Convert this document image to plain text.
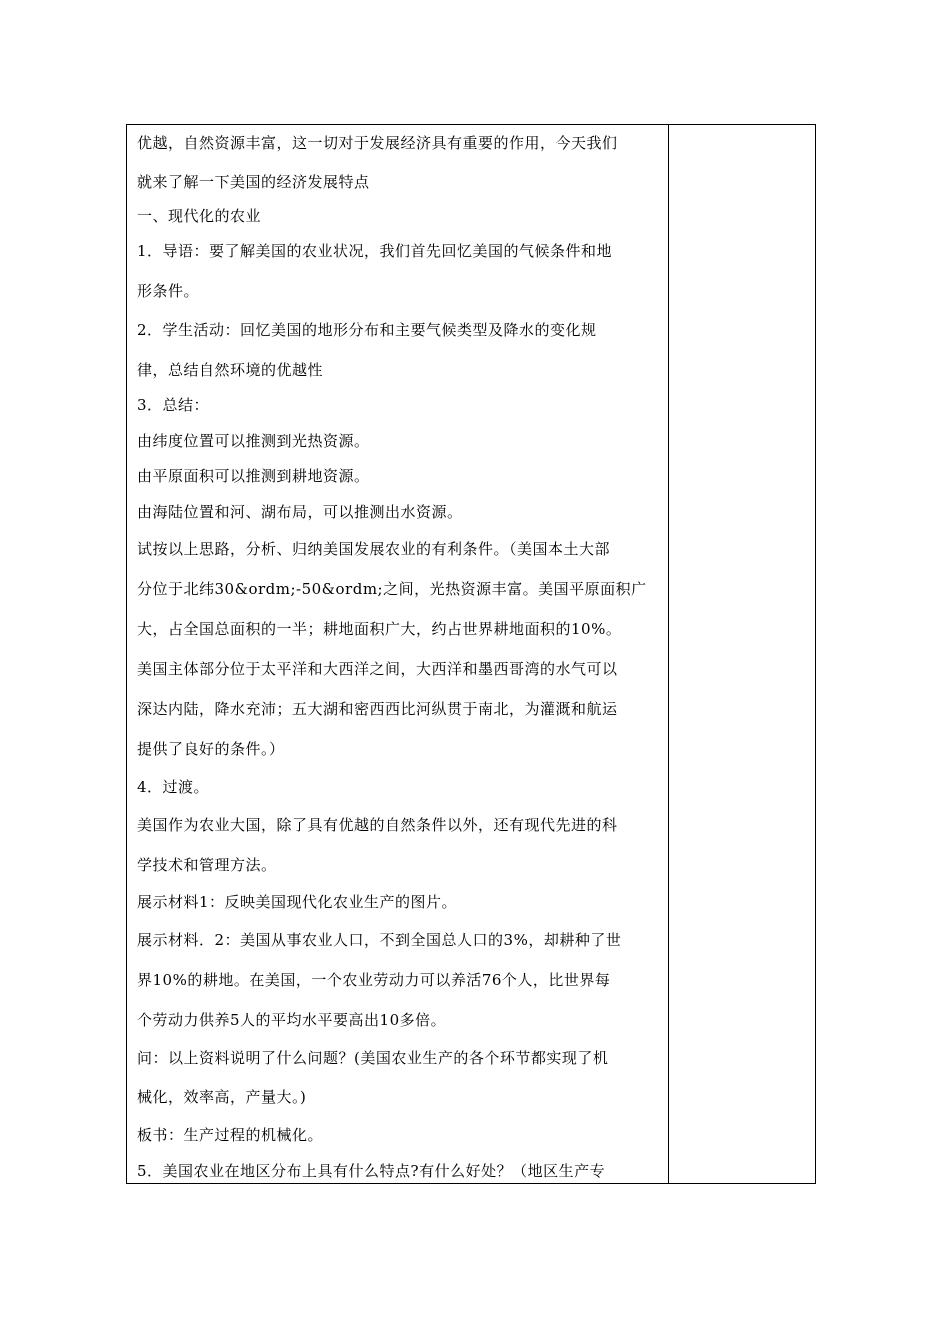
优越，自然资源丰富，这一切对于发展经济具有重要的作用，今天我们
就来了解一下美国的经济发展特点
一、现代化的农业
1．导语：要了解美国的农业状况，我们首先回忆美国的气候条件和地
形条件。
2．学生活动：回忆美国的地形分布和主要气候类型及降水的变化规
律，总结自然环境的优越性
3．总结：
由纬度位置可以推测到光热资源。
由平原面积可以推测到耕地资源。
由海陆位置和河、湖布局，可以推测出水资源。
试按以上思路，分析、归纳美国发展农业的有利条件。（美国本土大部
分位于北纬30&ordm;-50&ordm;之间，光热资源丰富。美国平原面积广
大，占全国总面积的一半；耕地面积广大，约占世界耕地面积的10%。
美国主体部分位于太平洋和大西洋之间，大西洋和墨西哥湾的水气可以
深达内陆，降水充沛；五大湖和密西西比河纵贯于南北，为灌溉和航运
提供了良好的条件。）
4．过渡。
美国作为农业大国，除了具有优越的自然条件以外，还有现代先进的科
学技术和管理方法。
展示材料1：反映美国现代化农业生产的图片。
展示材料．2：美国从事农业人口，不到全国总人口的3%，却耕种了世
界10%的耕地。在美国，一个农业劳动力可以养活76个人，比世界每
个劳动力供养5人的平均水平要高出10多倍。
问：以上资料说明了什么问题？(美国农业生产的各个环节都实现了机
械化，效率高，产量大。)
板书：生产过程的机械化。
5．美国农业在地区分布上具有什么特点?有什么好处？（地区生产专
